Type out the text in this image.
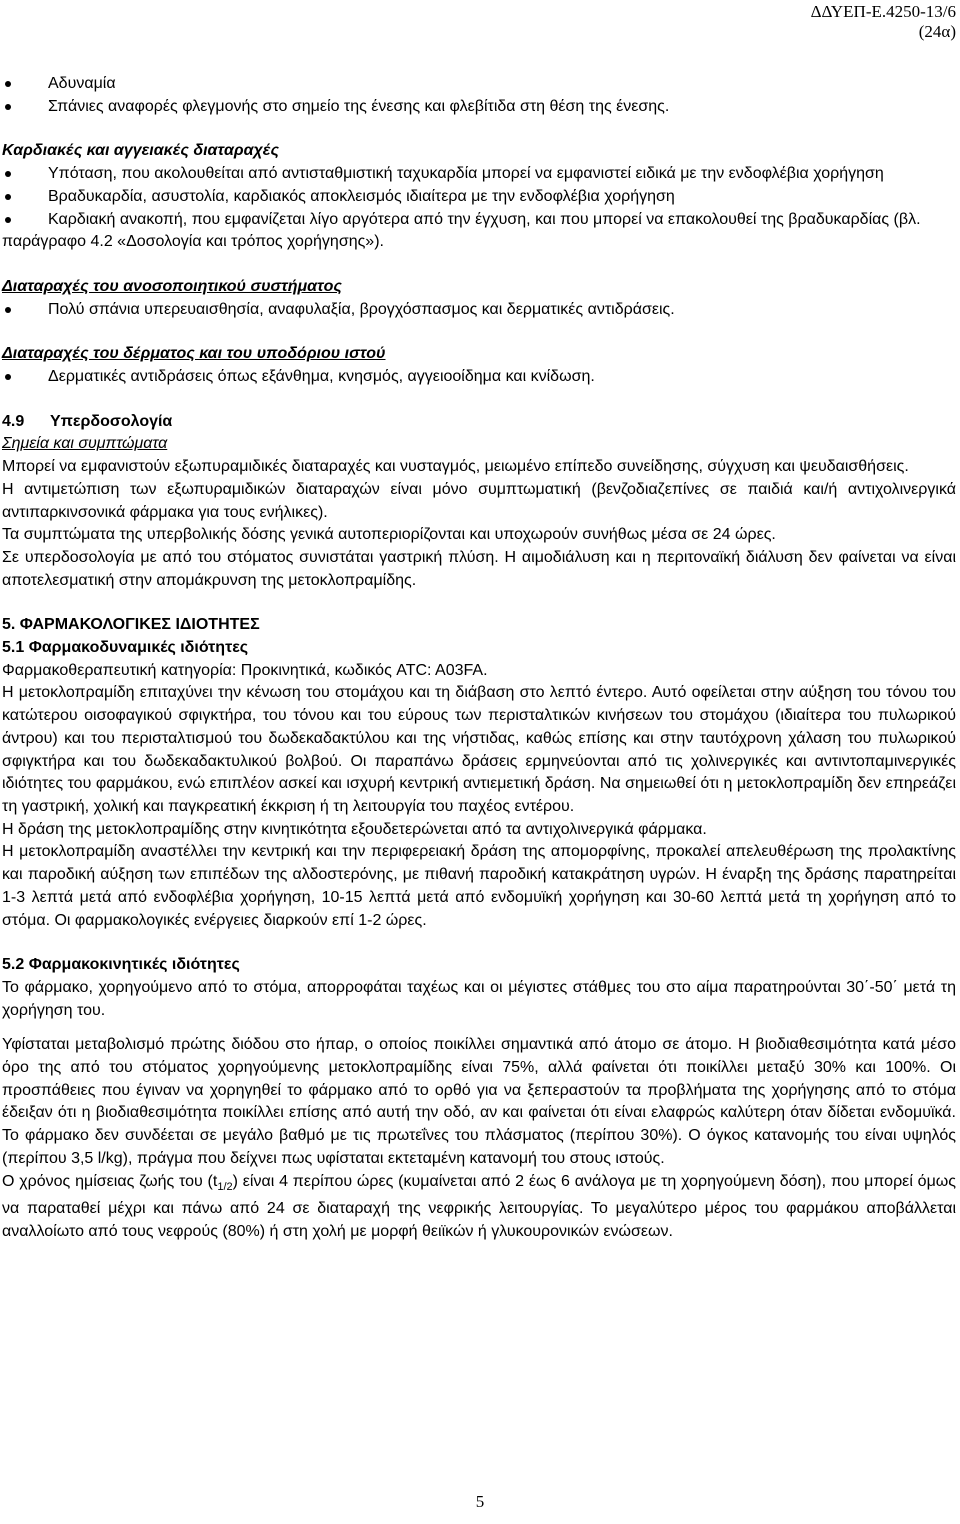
ΔΔΥΕΠ-Ε.4250-13/6
(24α)
Αδυναμία
Σπάνιες αναφορές φλεγμονής στο σημείο της ένεσης και φλεβίτιδα στη θέση της ένεσης.
Καρδιακές και αγγειακές διαταραχές
Υπόταση, που ακολουθείται από αντισταθμιστική ταχυκαρδία μπορεί να εμφανιστεί ειδικά με την ενδοφλέβια χορήγηση
Βραδυκαρδία, ασυστολία, καρδιακός αποκλεισμός ιδιαίτερα με την ενδοφλέβια χορήγηση
Καρδιακή ανακοπή, που εμφανίζεται λίγο αργότερα από την έγχυση, και που μπορεί να επακολουθεί της βραδυκαρδίας (βλ. παράγραφο 4.2 «Δοσολογία και τρόπος χορήγησης»).
Διαταραχές του ανοσοποιητικού συστήματος
Πολύ σπάνια υπερευαισθησία, αναφυλαξία, βρογχόσπασμος και δερματικές αντιδράσεις.
Διαταραχές του δέρματος και του υποδόριου ιστού
Δερματικές αντιδράσεις όπως εξάνθημα, κνησμός, αγγειοοίδημα και κνίδωση.
4.9 Υπερδοσολογία
Σημεία και συμπτώματα

Μπορεί να εμφανιστούν εξωπυραμιδικές διαταραχές και νυσταγμός, μειωμένο επίπεδο συνείδησης, σύγχυση και ψευδαισθήσεις.

Η αντιμετώπιση των εξωπυραμιδικών διαταραχών είναι μόνο συμπτωματική (βενζοδιαζεπίνες σε παιδιά και/ή αντιχολινεργικά αντιπαρκινσονικά φάρμακα για τους ενήλικες).

Τα συμπτώματα της υπερβολικής δόσης γενικά αυτοπεριορίζονται και υποχωρούν συνήθως μέσα σε 24 ώρες.

Σε υπερδοσολογία με από του στόματος συνιστάται γαστρική πλύση. Η αιμοδιάλυση και η περιτοναϊκή διάλυση δεν φαίνεται να είναι αποτελεσματική στην απομάκρυνση της μετοκλοπραμίδης.

5. ΦΑΡΜΑΚΟΛΟΓΙΚΕΣ ΙΔΙΟΤΗΤΕΣ
5.1 Φαρμακοδυναμικές ιδιότητες

Φαρμακοθεραπευτική κατηγορία: Προκινητικά, κωδικός ATC: A03FA.

Η μετοκλοπραμίδη επιταχύνει την κένωση του στομάχου και τη διάβαση στο λεπτό έντερο. Αυτό οφείλεται στην αύξηση του τόνου του κατώτερου οισοφαγικού σφιγκτήρα, του τόνου και του εύρους των περισταλτικών κινήσεων του στομάχου (ιδιαίτερα του πυλωρικού άντρου) και του περισταλτισμού του δωδεκαδακτύλου και της νήστιδας, καθώς επίσης και στην ταυτόχρονη χάλαση του πυλωρικού σφιγκτήρα και του δωδεκαδακτυλικού βολβού. Οι παραπάνω δράσεις ερμηνεύονται από τις χολινεργικές και αντιντοπαμινεργικές ιδιότητες του φαρμάκου, ενώ επιπλέον ασκεί και ισχυρή κεντρική αντιεμετική δράση. Να σημειωθεί ότι η μετοκλοπραμίδη δεν επηρεάζει τη γαστρική, χολική και παγκρεατική έκκριση ή τη λειτουργία του παχέος εντέρου.

Η δράση της μετοκλοπραμίδης στην κινητικότητα εξουδετερώνεται από τα αντιχολινεργικά φάρμακα.

Η μετοκλοπραμίδη αναστέλλει την κεντρική και την περιφερειακή δράση της απομορφίνης, προκαλεί απελευθέρωση της προλακτίνης και παροδική αύξηση των επιπέδων της αλδοστερόνης, με πιθανή παροδική κατακράτηση υγρών. Η έναρξη της δράσης παρατηρείται 1-3 λεπτά μετά από ενδοφλέβια χορήγηση, 10-15 λεπτά μετά από ενδομυϊκή χορήγηση και 30-60 λεπτά μετά τη χορήγηση από το στόμα. Οι φαρμακολογικές ενέργειες διαρκούν επί 1-2 ώρες.

5.2 Φαρμακοκινητικές ιδιότητες

Το φάρμακο, χορηγούμενο από το στόμα, απορροφάται ταχέως και οι μέγιστες στάθμες του στο αίμα παρατηρούνται 30΄-50΄ μετά τη χορήγηση του.

Υφίσταται μεταβολισμό πρώτης διόδου στο ήπαρ, ο οποίος ποικίλλει σημαντικά από άτομο σε άτομο. Η βιοδιαθεσιμότητα κατά μέσο όρο της από του στόματος χορηγούμενης μετοκλοπραμίδης είναι 75%, αλλά φαίνεται ότι ποικίλλει μεταξύ 30% και 100%. Οι προσπάθειες που έγιναν να χορηγηθεί το φάρμακο από το ορθό για να ξεπεραστούν τα προβλήματα της χορήγησης από το στόμα έδειξαν ότι η βιοδιαθεσιμότητα ποικίλλει επίσης από αυτή την οδό, αν και φαίνεται ότι είναι ελαφρώς καλύτερη όταν δίδεται ενδομυϊκά. Το φάρμακο δεν συνδέεται σε μεγάλο βαθμό με τις πρωτεΐνες του πλάσματος (περίπου 30%). Ο όγκος κατανομής του είναι υψηλός (περίπου 3,5 l/kg), πράγμα που δείχνει πως υφίσταται εκτεταμένη κατανομή του στους ιστούς.

Ο χρόνος ημίσειας ζωής του $(t_{1/2})$ είναι 4 περίπου ώρες (κυμαίνεται από 2 έως 6 ανάλογα με τη χορηγούμενη δόση), που μπορεί όμως να παραταθεί μέχρι και πάνω από 24 σε διαταραχή της νεφρικής λειτουργίας. Το μεγαλύτερο μέρος του φαρμάκου αποβάλλεται αναλλοίωτο από τους νεφρούς (80%) ή στη χολή με μορφή θειϊκών ή γλυκουρονικών ενώσεων.

5
